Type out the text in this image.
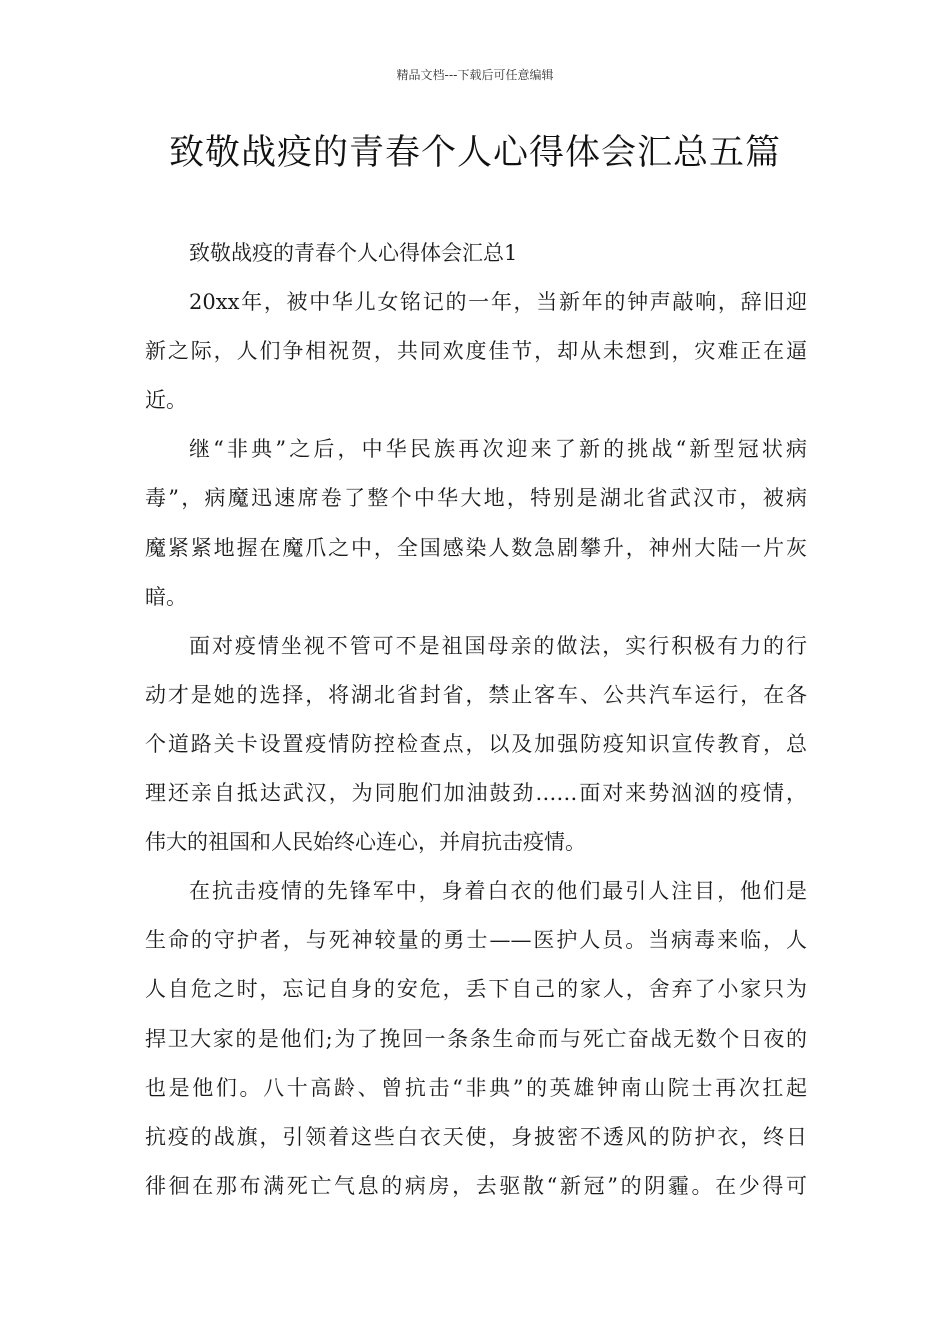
精品文档---下载后可任意编辑
致敬战疫的青春个人心得体会汇总五篇
致敬战疫的青春个人心得体会汇总1
20xx年，被中华儿女铭记的一年，当新年的钟声敲响，辞旧迎
新之际，人们争相祝贺，共同欢度佳节，却从未想到，灾难正在逼
近。
继“非典”之后，中华民族再次迎来了新的挑战“新型冠状病
毒”，病魔迅速席卷了整个中华大地，特别是湖北省武汉市，被病
魔紧紧地握在魔爪之中，全国感染人数急剧攀升，神州大陆一片灰
暗。
面对疫情坐视不管可不是祖国母亲的做法，实行积极有力的行
动才是她的选择，将湖北省封省，禁止客车、公共汽车运行，在各
个道路关卡设置疫情防控检查点，以及加强防疫知识宣传教育，总
理还亲自抵达武汉，为同胞们加油鼓劲……面对来势汹汹的疫情，
伟大的祖国和人民始终心连心，并肩抗击疫情。
在抗击疫情的先锋军中，身着白衣的他们最引人注目，他们是
生命的守护者，与死神较量的勇士——医护人员。当病毒来临，人
人自危之时，忘记自身的安危，丢下自己的家人，舍弃了小家只为
捍卫大家的是他们;为了挽回一条条生命而与死亡奋战无数个日夜的
也是他们。八十高龄、曾抗击“非典”的英雄钟南山院士再次扛起
抗疫的战旗，引领着这些白衣天使，身披密不透风的防护衣，终日
徘徊在那布满死亡气息的病房，去驱散“新冠”的阴霾。在少得可
